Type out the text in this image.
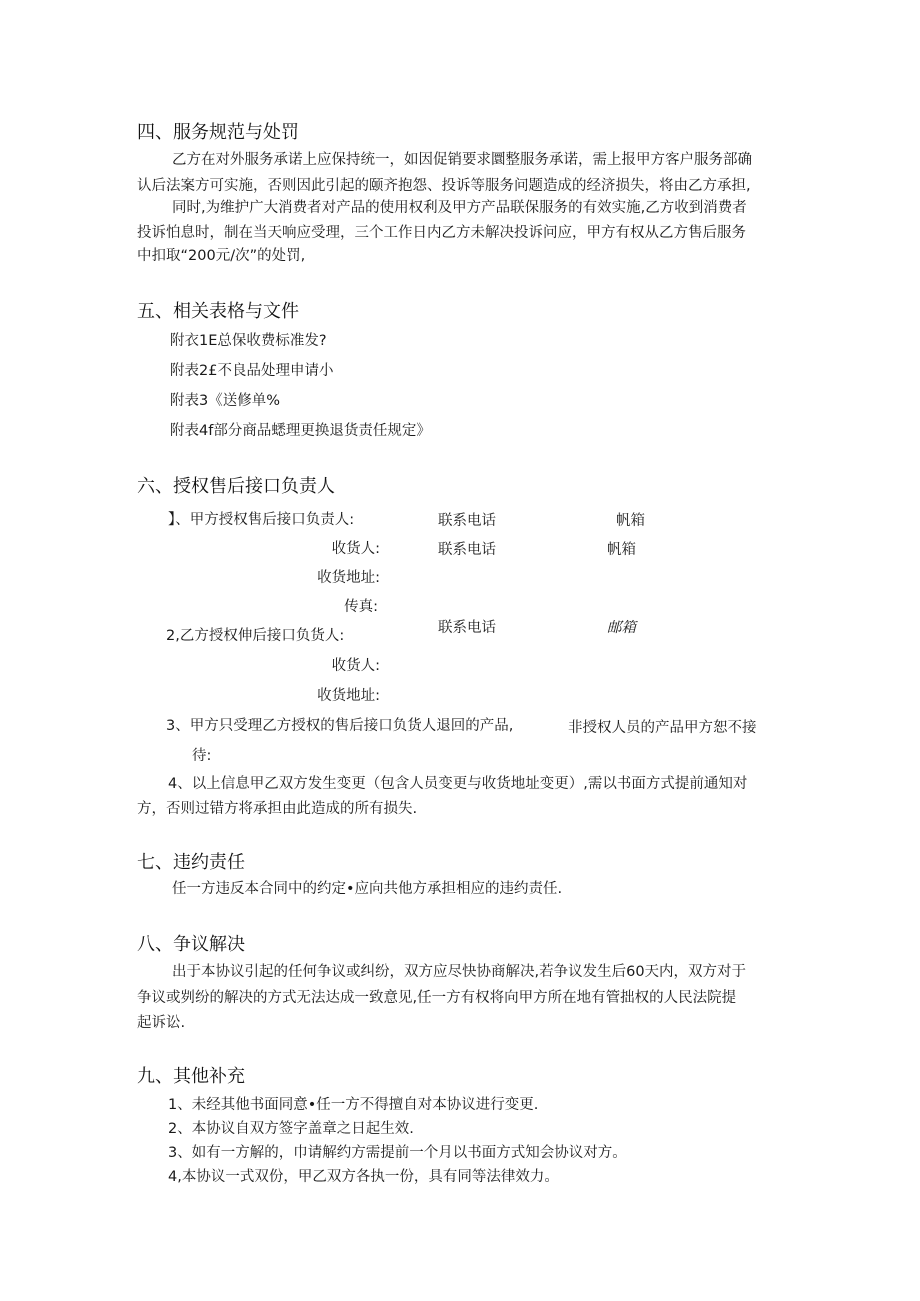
四、服务规范与处罚
乙方在对外服务承诺上应保持统一，如因促销要求圜整服务承诺，需上报甲方客户服务部确
认后法案方可实施，否则因此引起的颐齐抱怨、投诉等服务问题造成的经济损失，将由乙方承担,
同时,为维护广大消费者对产品的使用权利及甲方产品联保服务的有效实施,乙方收到消费者
投诉怕息时，制在当天响应受理，三个工作日内乙方未解决投诉问应，甲方有权从乙方售后服务
中扣取“200元/次”的处罚,
五、相关表格与文件
附衣1E总保收费标准发?
附表2£不良品处理申请小
附表3《送修单%
附表4f部分商品蟋理更换退货责任规定》
六、授权售后接口负责人
】、甲方授权售后接口负责人:	联系电话	帆箱
收货人:	联系电话	帆箱
收货地址:
传真:
2,乙方授权伸后接口负货人:	联系电话	邮箱
收货人:
收货地址:
3、甲方只受理乙方授权的售后接口负货人退回的产品,	非授权人员的产品甲方恕不接
待:
4、以上信息甲乙双方发生变更（包含人员变更与收货地址变更）,需以书面方式提前通知对
方，否则过错方将承担由此造成的所有损失.
七、违约责任
任一方违反本合同中的约定•应向共他方承担相应的违约责任.
八、争议解决
出于本协议引起的任何争议或纠纷，双方应尽快协商解决,若争议发生后60天内，双方对于
争议或刿纷的解决的方式无法达成一致意见,任一方有权将向甲方所在地有管拙权的人民法院提
起诉讼.
九、其他补充
1、未经其他书面同意•任一方不得擅自对本协议进行变更.
2、本协议自双方签字盖章之日起生效.
3、如有一方解的，巾请解约方需提前一个月以书面方式知会协议对方。
4,本协议一式双份，甲乙双方各执一份，具有同等法律效力。
